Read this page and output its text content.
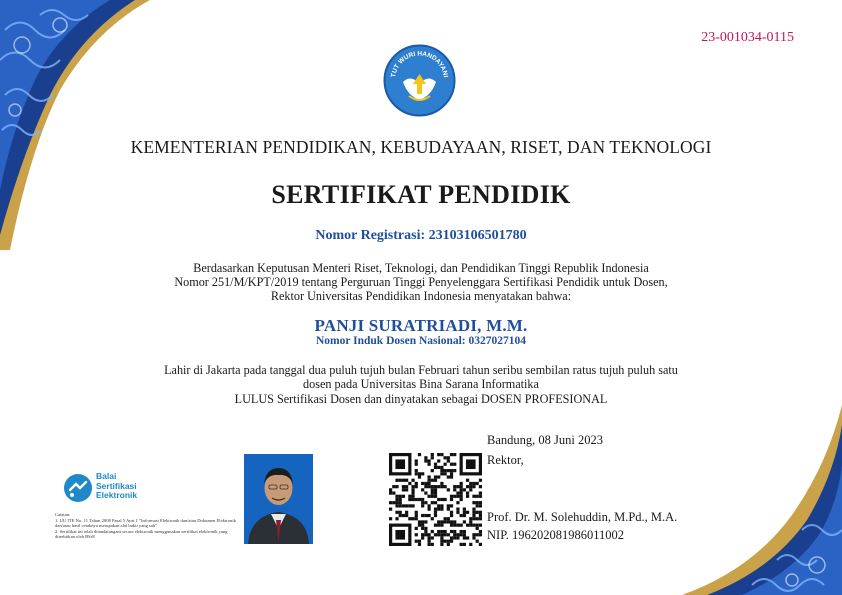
23-001034-0115
TUT WURI HANDAYANI
KEMENTERIAN PENDIDIKAN, KEBUDAYAAN, RISET, DAN TEKNOLOGI
SERTIFIKAT PENDIDIK
Nomor Registrasi: 23103106501780
Berdasarkan Keputusan Menteri Riset, Teknologi, dan Pendidikan Tinggi Republik Indonesia
Nomor 251/M/KPT/2019 tentang Perguruan Tinggi Penyelenggara Sertifikasi Pendidik untuk Dosen,
Rektor Universitas Pendidikan Indonesia menyatakan bahwa:
PANJI SURATRIADI, M.M.
Nomor Induk Dosen Nasional: 0327027104
Lahir di Jakarta pada tanggal dua puluh tujuh bulan Februari tahun seribu sembilan ratus tujuh puluh satu
dosen pada Universitas Bina Sarana Informatika
LULUS Sertifikasi Dosen dan dinyatakan sebagai DOSEN PROFESIONAL
Balai
Sertifikasi
Elektronik
Catatan:
1. UU ITE No. 11 Tahun 2008 Pasal 5 Ayat 1 "Informasi Elektronik dan/atau Dokumen Elektronik dan/atau hasil cetaknya merupakan alat bukti yang sah"
2. Sertifikat ini telah ditandatangani secara elektronik menggunakan sertifikat elektronik yang diterbitkan oleh BSrE
Bandung, 08 Juni 2023
Rektor,
Prof. Dr. M. Solehuddin, M.Pd., M.A.
NIP. 196202081986011002
